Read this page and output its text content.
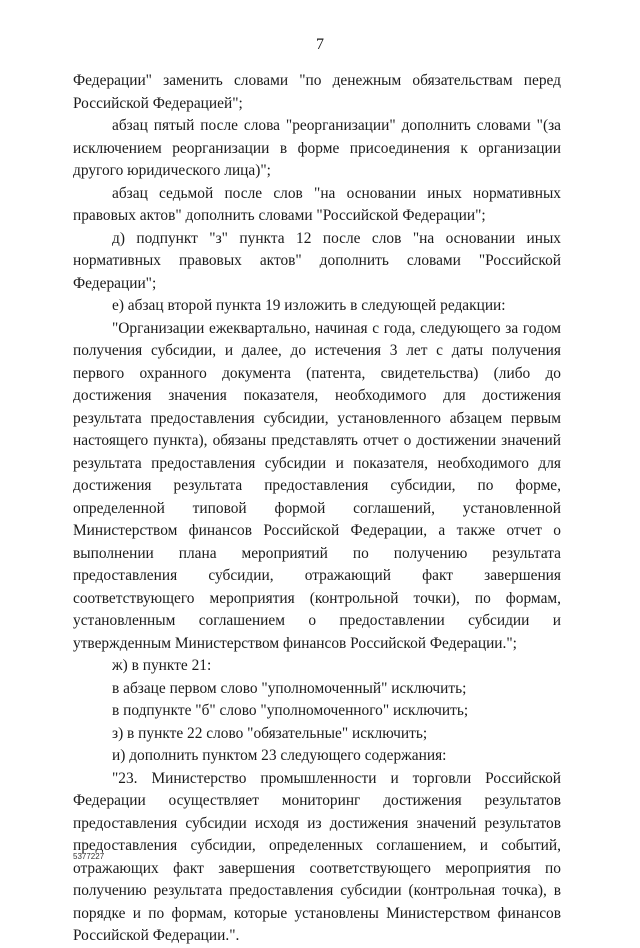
7

Федерации" заменить словами "по денежным обязательствам перед Российской Федерацией";

абзац пятый после слова "реорганизации" дополнить словами "(за исключением реорганизации в форме присоединения к организации другого юридического лица)";

абзац седьмой после слов "на основании иных нормативных правовых актов" дополнить словами "Российской Федерации";

д) подпункт "з" пункта 12 после слов "на основании иных нормативных правовых актов" дополнить словами "Российской Федерации";

е) абзац второй пункта 19 изложить в следующей редакции:

"Организации ежеквартально, начиная с года, следующего за годом получения субсидии, и далее, до истечения 3 лет с даты получения первого охранного документа (патента, свидетельства) (либо до достижения значения показателя, необходимого для достижения результата предоставления субсидии, установленного абзацем первым настоящего пункта), обязаны представлять отчет о достижении значений результата предоставления субсидии и показателя, необходимого для достижения результата предоставления субсидии, по форме, определенной типовой формой соглашений, установленной Министерством финансов Российской Федерации, а также отчет о выполнении плана мероприятий по получению результата предоставления субсидии, отражающий факт завершения соответствующего мероприятия (контрольной точки), по формам, установленным соглашением о предоставлении субсидии и утвержденным Министерством финансов Российской Федерации.";

ж) в пункте 21:

в абзаце первом слово "уполномоченный" исключить;

в подпункте "б" слово "уполномоченного" исключить;

з) в пункте 22 слово "обязательные" исключить;

и) дополнить пунктом 23 следующего содержания:

"23. Министерство промышленности и торговли Российской Федерации осуществляет мониторинг достижения результатов предоставления субсидии исходя из достижения значений результатов предоставления субсидии, определенных соглашением, и событий, отражающих факт завершения соответствующего мероприятия по получению результата предоставления субсидии (контрольная точка), в порядке и по формам, которые установлены Министерством финансов Российской Федерации.".

5377227
